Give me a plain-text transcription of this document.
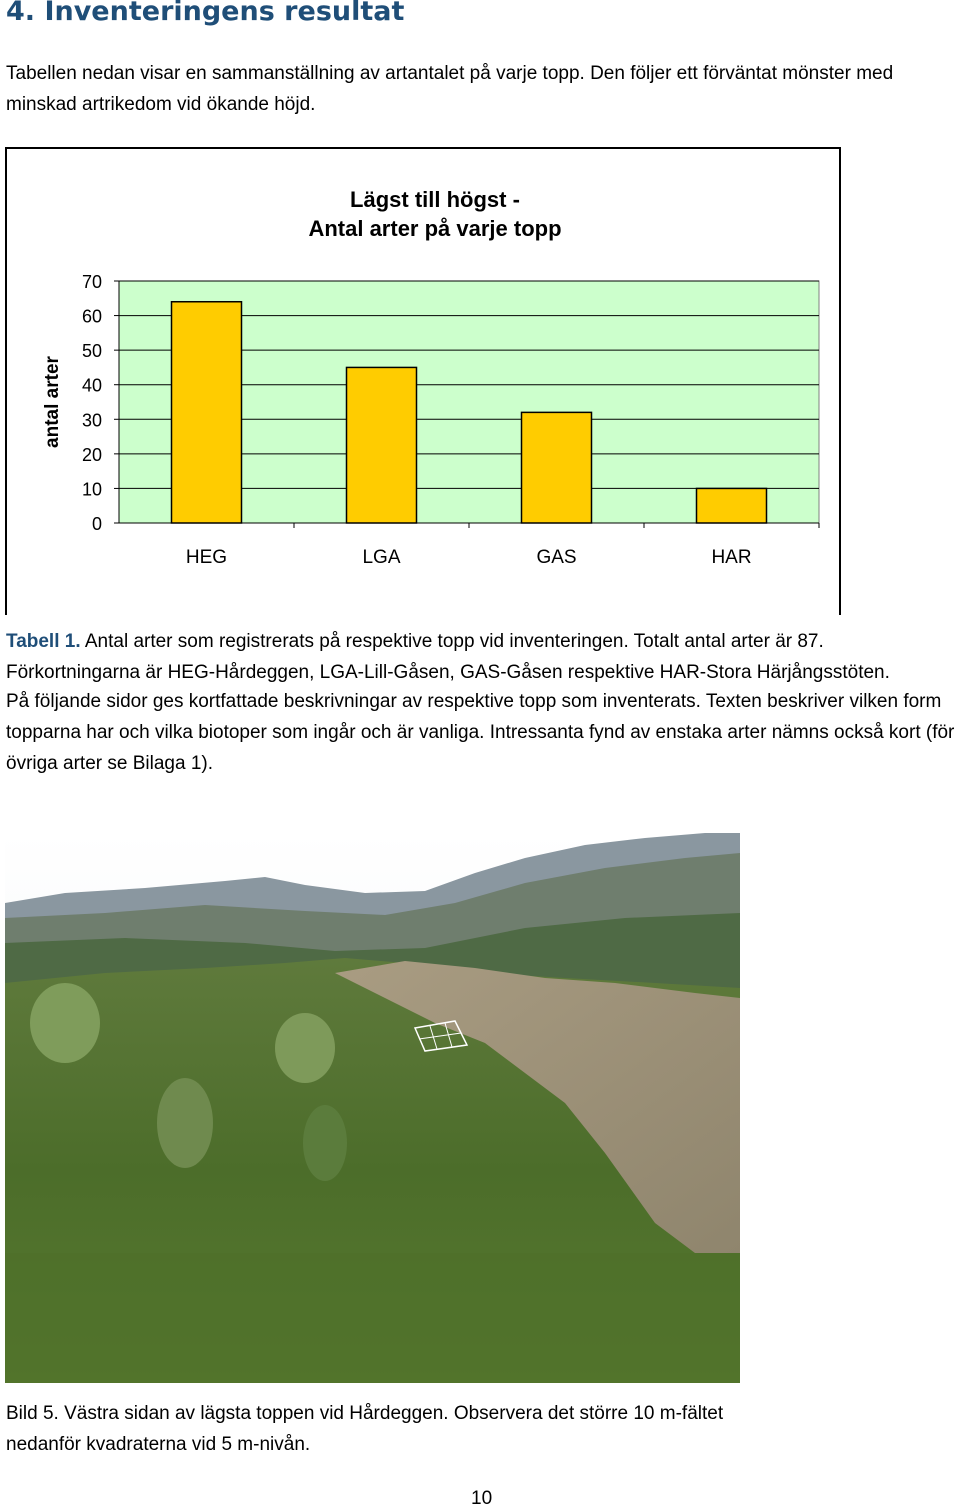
4. Inventeringens resultat

Tabellen nedan visar en sammanställning av artantalet på varje topp. Den följer ett förväntat mönster med minskad artrikedom vid ökande höjd.

Lägst till högst -
Antal arter på varje topp
0
10
20
30
40
50
60
70
antal arter
HEG	LGA	GAS	HAR

Tabell 1. Antal arter som registrerats på respektive topp vid inventeringen. Totalt antal arter är 87. Förkortningarna är HEG-Hårdeggen, LGA-Lill-Gåsen, GAS-Gåsen respektive HAR-Stora Härjångsstöten.

På följande sidor ges kortfattade beskrivningar av respektive topp som inventerats. Texten beskriver vilken form topparna har och vilka biotoper som ingår och är vanliga. Intressanta fynd av enstaka arter nämns också kort (för övriga arter se Bilaga 1).

Bild 5. Västra sidan av lägsta toppen vid Hårdeggen. Observera det större 10 m-fältet nedanför kvadraterna vid 5 m-nivån.

10
